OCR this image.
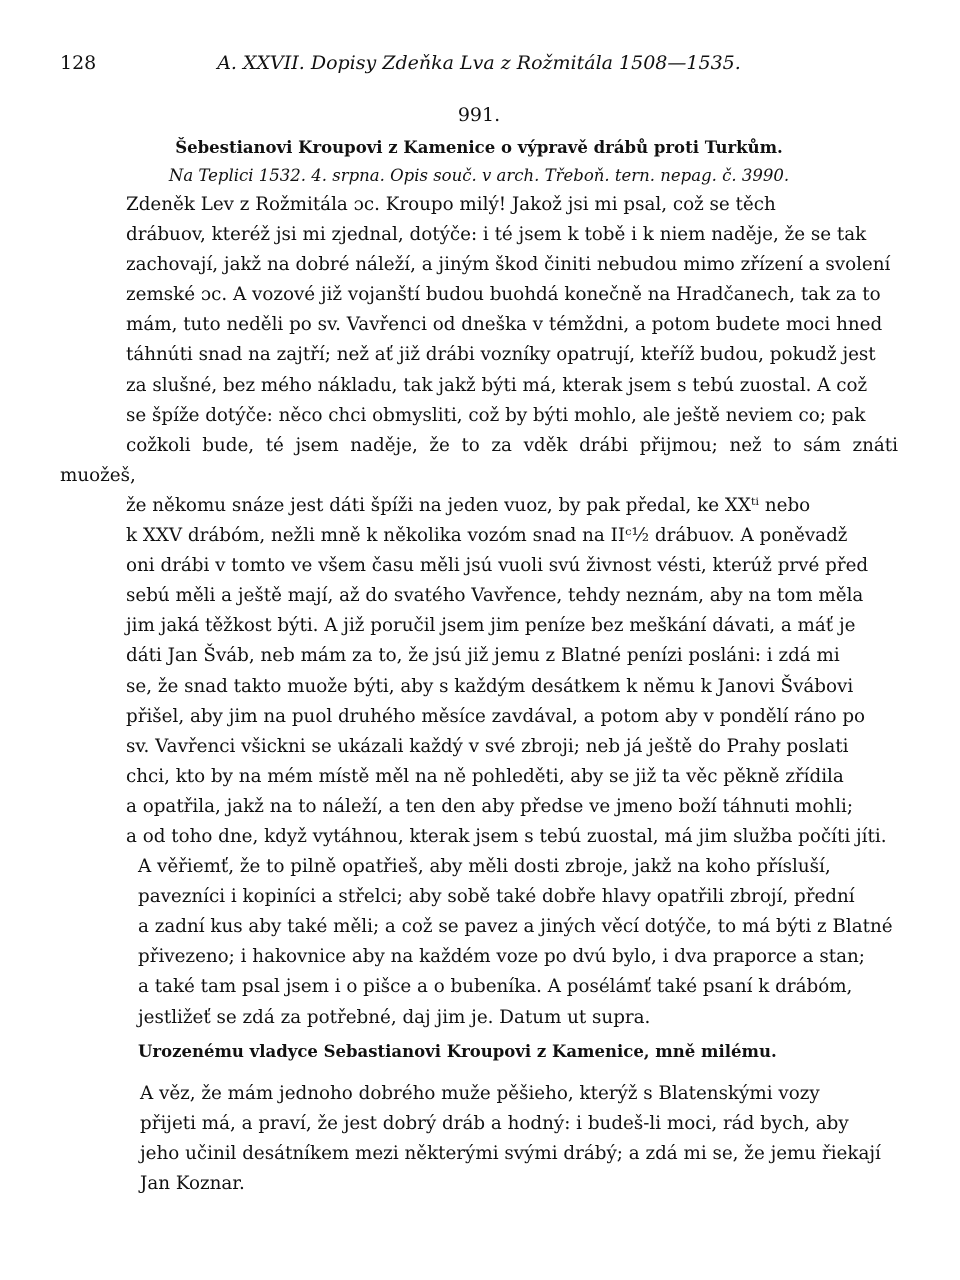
128	A. XXVII. Dopisy Zdeňka Lva z Rožmitála 1508—1535.
991.
Šebestianovi Kroupovi z Kamenice o výpravě drábů proti Turkům.
Na Teplici 1532. 4. srpna. Opis souč. v arch. Třeboň. tern. nepag. č. 3990.

Zdeněk Lev z Rožmitála ɔc. Kroupo milý! Jakož jsi mi psal, což se těch
drábuov, kteréž jsi mi zjednal, dotýče: i té jsem k tobě i k niem naděje, že se tak
zachovají, jakž na dobré náleží, a jiným škod činiti nebudou mimo zřízení a svolení
zemské ɔc. A vozové již vojanští budou buohdá konečně na Hradčanech, tak za to
mám, tuto neděli po sv. Vavřenci od dneška v témždni, a potom budete moci hned
táhnúti snad na zajtří; než ať již drábi vozníky opatrují, kteříž budou, pokudž jest
za slušné, bez mého nákladu, tak jakž býti má, kterak jsem s tebú zuostal. A což
se špíže dotýče: něco chci obmysliti, což by býti mohlo, ale ještě neviem co; pak
cožkoli bude, té jsem naděje, že to za vděk drábi přijmou; než to sám znáti muožeš,
že někomu snáze jest dáti špíži na jeden vuoz, by pak předal, ke XXᵗⁱ nebo
k XXV drábóm, nežli mně k několika vozóm snad na IIᶜ½ drábuov. A poněvadž
oni drábi v tomto ve všem času měli jsú vuoli svú živnost vésti, kterúž prvé před
sebú měli a ještě mají, až do svatého Vavřence, tehdy neznám, aby na tom měla
jim jaká těžkost býti. A již poručil jsem jim peníze bez meškání dávati, a máť je
dáti Jan Šváb, neb mám za to, že jsú již jemu z Blatné penízi posláni: i zdá mi
se, že snad takto muože býti, aby s každým desátkem k němu k Janovi Švábovi
přišel, aby jim na puol druhého měsíce zavdával, a potom aby v pondělí ráno po
sv. Vavřenci všickni se ukázali každý v své zbroji; neb já ještě do Prahy poslati
chci, kto by na mém místě měl na ně pohleděti, aby se již ta věc pěkně zřídila
a opatřila, jakž na to náleží, a ten den aby předse ve jmeno boží táhnuti mohli;
a od toho dne, když vytáhnou, kterak jsem s tebú zuostal, má jim služba počíti jíti.

A věřiemť, že to pilně opatřieš, aby měli dosti zbroje, jakž na koho přísluší,
pavezníci i kopiníci a střelci; aby sobě také dobře hlavy opatřili zbrojí, přední
a zadní kus aby také měli; a což se pavez a jiných věcí dotýče, to má býti z Blatné
přivezeno; i hakovnice aby na každém voze po dvú bylo, i dva praporce a stan;
a také tam psal jsem i o pišce a o bubeníka. A posélámť také psaní k drábóm,
jestližeť se zdá za potřebné, daj jim je. Datum ut supra.

Urozenému vladyce Sebastianovi Kroupovi z Kamenice, mně milému.

A věz, že mám jednoho dobrého muže pěšieho, kterýž s Blatenskými vozy
přijeti má, a praví, že jest dobrý dráb a hodný: i budeš-li moci, rád bych, aby
jeho učinil desátníkem mezi některými svými drábý; a zdá mi se, že jemu řiekají
Jan Koznar.
